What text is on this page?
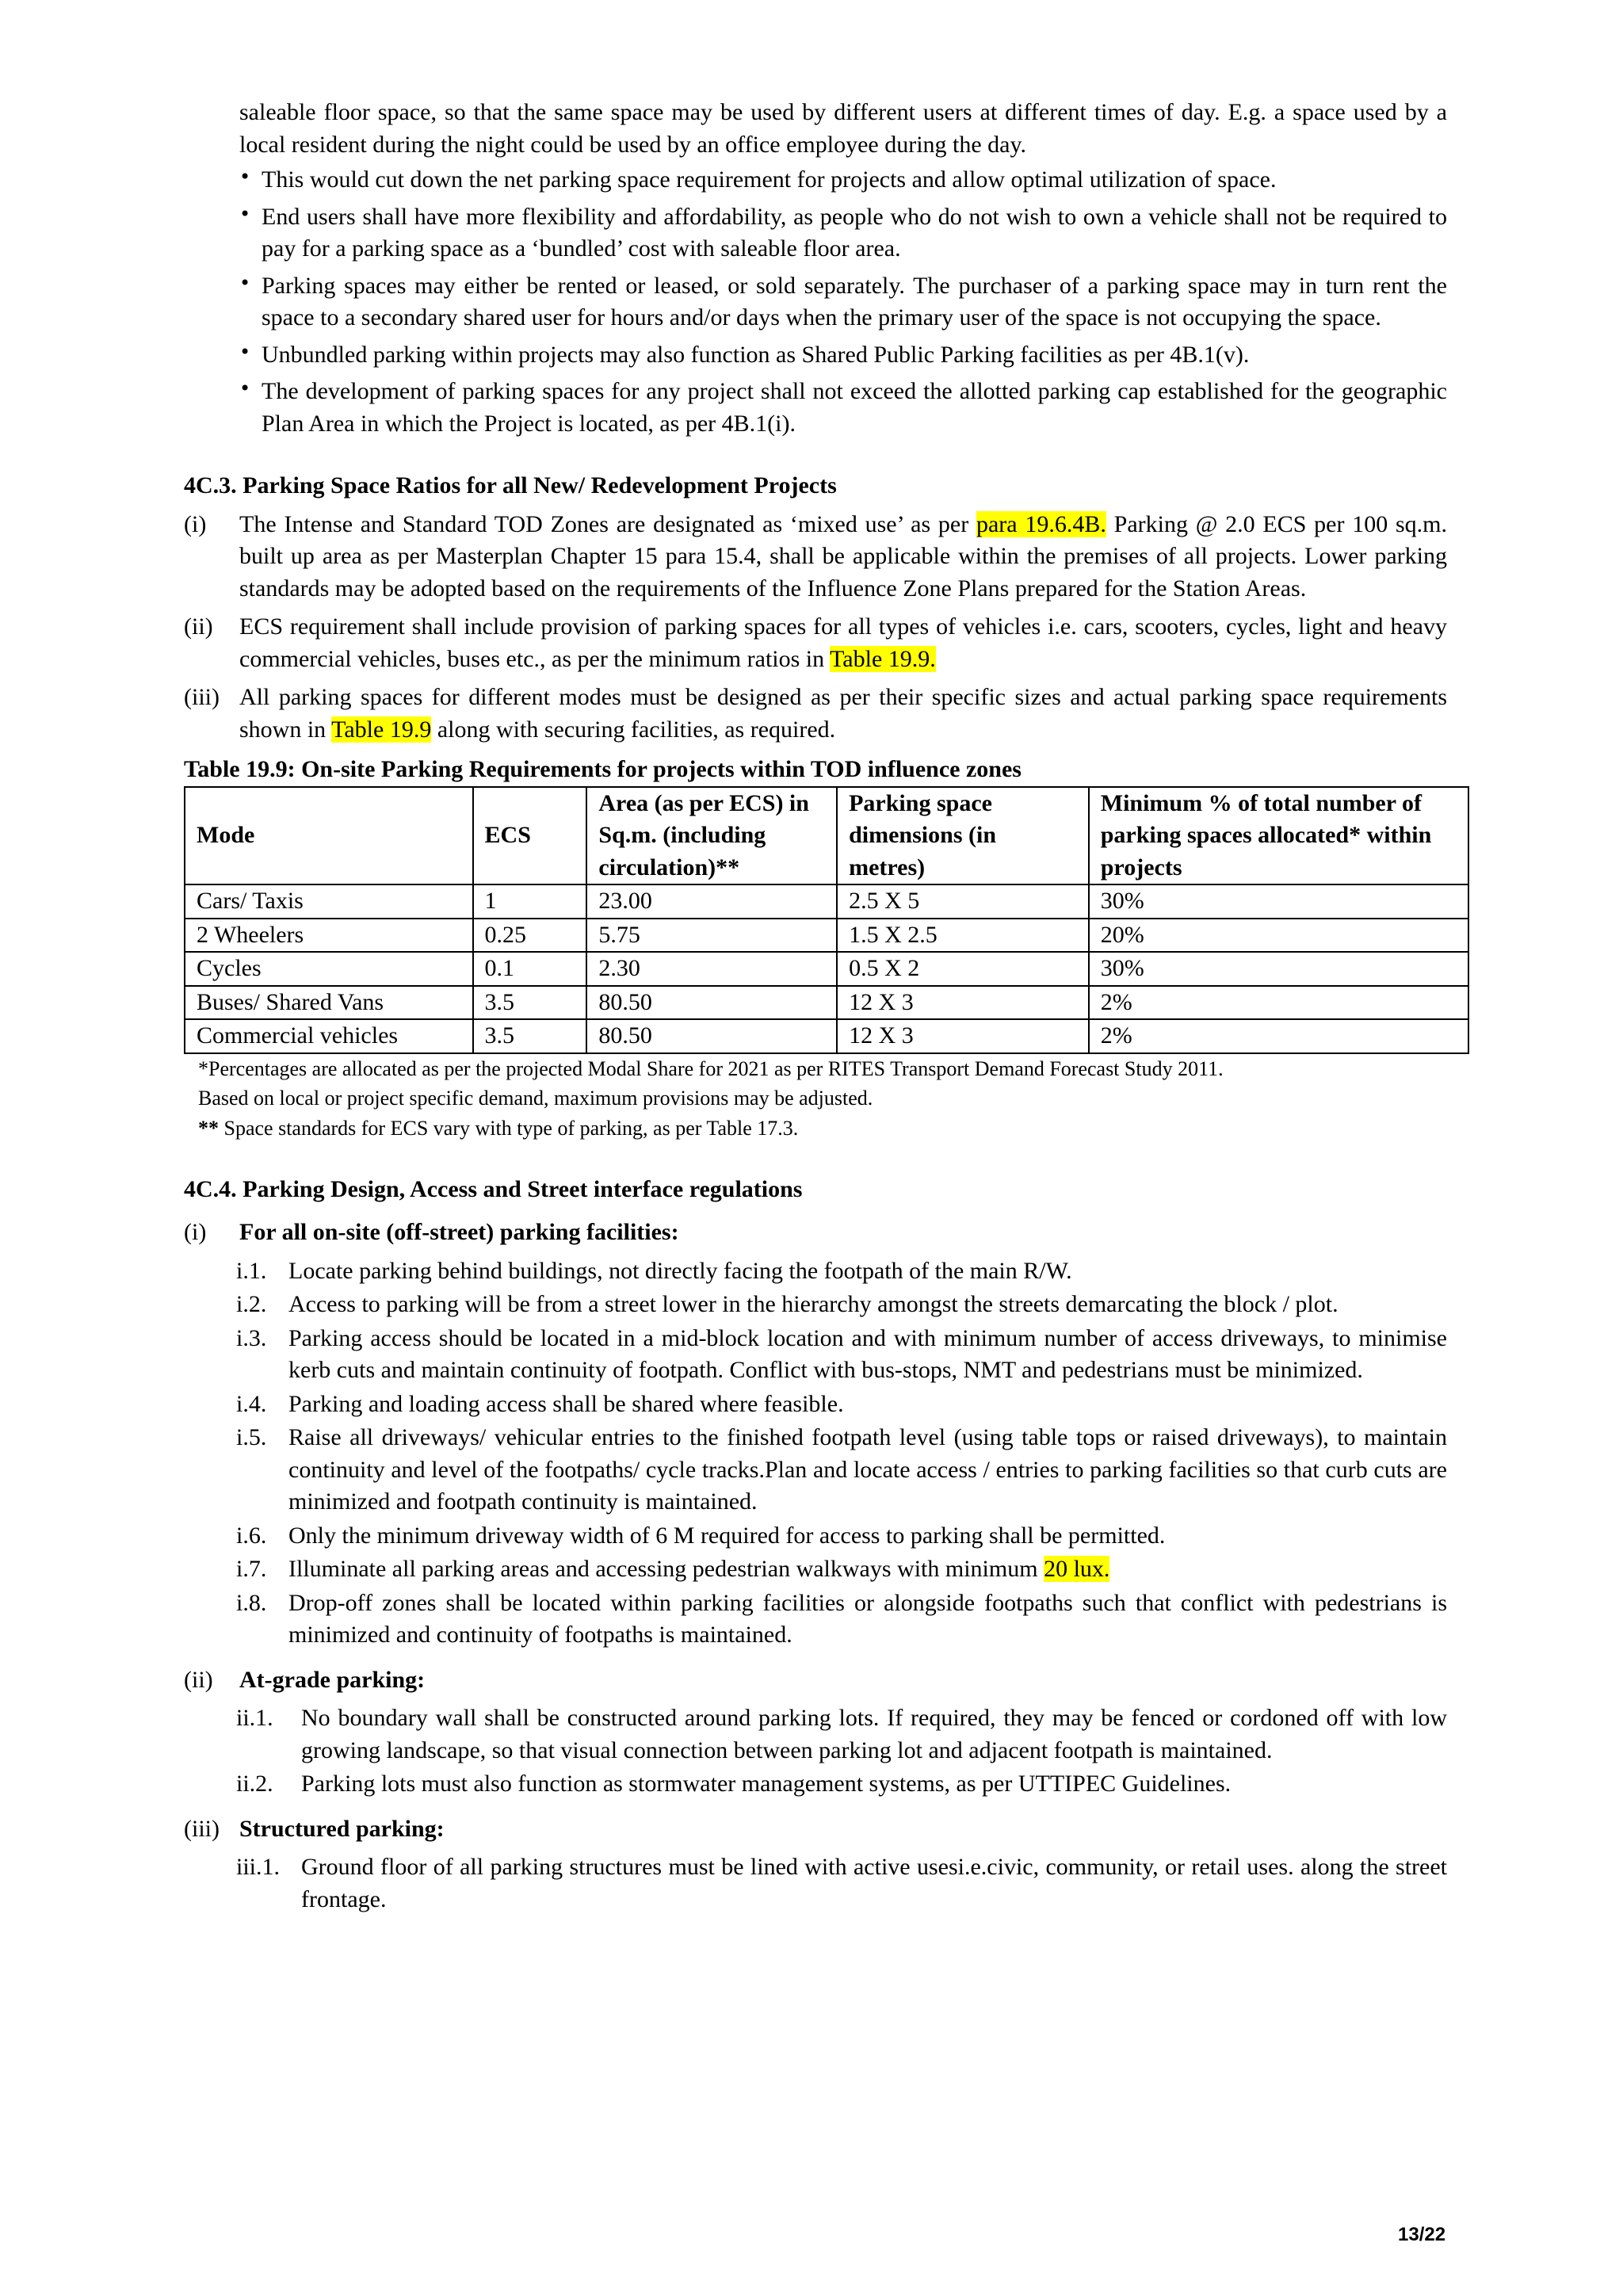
saleable floor space, so that the same space may be used by different users at different times of day. E.g. a space used by a local resident during the night could be used by an office employee during the day.

• This would cut down the net parking space requirement for projects and allow optimal utilization of space.
• End users shall have more flexibility and affordability, as people who do not wish to own a vehicle shall not be required to pay for a parking space as a ‘bundled’ cost with saleable floor area.
• Parking spaces may either be rented or leased, or sold separately. The purchaser of a parking space may in turn rent the space to a secondary shared user for hours and/or days when the primary user of the space is not occupying the space.
• Unbundled parking within projects may also function as Shared Public Parking facilities as per 4B.1(v).
• The development of parking spaces for any project shall not exceed the allotted parking cap established for the geographic Plan Area in which the Project is located, as per 4B.1(i).
4C.3. Parking Space Ratios for all New/ Redevelopment Projects
(i) The Intense and Standard TOD Zones are designated as ‘mixed use’ as per para 19.6.4B. Parking @ 2.0 ECS per 100 sq.m. built up area as per Masterplan Chapter 15 para 15.4, shall be applicable within the premises of all projects. Lower parking standards may be adopted based on the requirements of the Influence Zone Plans prepared for the Station Areas.

(ii) ECS requirement shall include provision of parking spaces for all types of vehicles i.e. cars, scooters, cycles, light and heavy commercial vehicles, buses etc., as per the minimum ratios in Table 19.9.

(iii) All parking spaces for different modes must be designed as per their specific sizes and actual parking space requirements shown in Table 19.9 along with securing facilities, as required.

Table 19.9: On-site Parking Requirements for projects within TOD influence zones
Mode	ECS	Area (as per ECS) in Sq.m. (including circulation)**	Parking space dimensions (in metres)	Minimum % of total number of parking spaces allocated* within projects
Cars/ Taxis	1	23.00	2.5 X 5	30%
2 Wheelers	0.25	5.75	1.5 X 2.5	20%
Cycles	0.1	2.30	0.5 X 2	30%
Buses/ Shared Vans	3.5	80.50	12 X 3	2%
Commercial vehicles	3.5	80.50	12 X 3	2%
*Percentages are allocated as per the projected Modal Share for 2021 as per RITES Transport Demand Forecast Study 2011.
Based on local or project specific demand, maximum provisions may be adjusted.
** Space standards for ECS vary with type of parking, as per Table 17.3.
4C.4. Parking Design, Access and Street interface regulations
(i) For all on-site (off-street) parking facilities:
i.1. Locate parking behind buildings, not directly facing the footpath of the main R/W.
i.2. Access to parking will be from a street lower in the hierarchy amongst the streets demarcating the block / plot.
i.3. Parking access should be located in a mid-block location and with minimum number of access driveways, to minimise kerb cuts and maintain continuity of footpath. Conflict with bus-stops, NMT and pedestrians must be minimized.
i.4. Parking and loading access shall be shared where feasible.
i.5. Raise all driveways/ vehicular entries to the finished footpath level (using table tops or raised driveways), to maintain continuity and level of the footpaths/ cycle tracks.Plan and locate access / entries to parking facilities so that curb cuts are minimized and footpath continuity is maintained.
i.6. Only the minimum driveway width of 6 M required for access to parking shall be permitted.
i.7. Illuminate all parking areas and accessing pedestrian walkways with minimum 20 lux.
i.8. Drop-off zones shall be located within parking facilities or alongside footpaths such that conflict with pedestrians is minimized and continuity of footpaths is maintained.
(ii) At-grade parking:
ii.1. No boundary wall shall be constructed around parking lots. If required, they may be fenced or cordoned off with low growing landscape, so that visual connection between parking lot and adjacent footpath is maintained.
ii.2. Parking lots must also function as stormwater management systems, as per UTTIPEC Guidelines.
(iii) Structured parking:
iii.1. Ground floor of all parking structures must be lined with active usesi.e.civic, community, or retail uses. along the street frontage.
13/22
